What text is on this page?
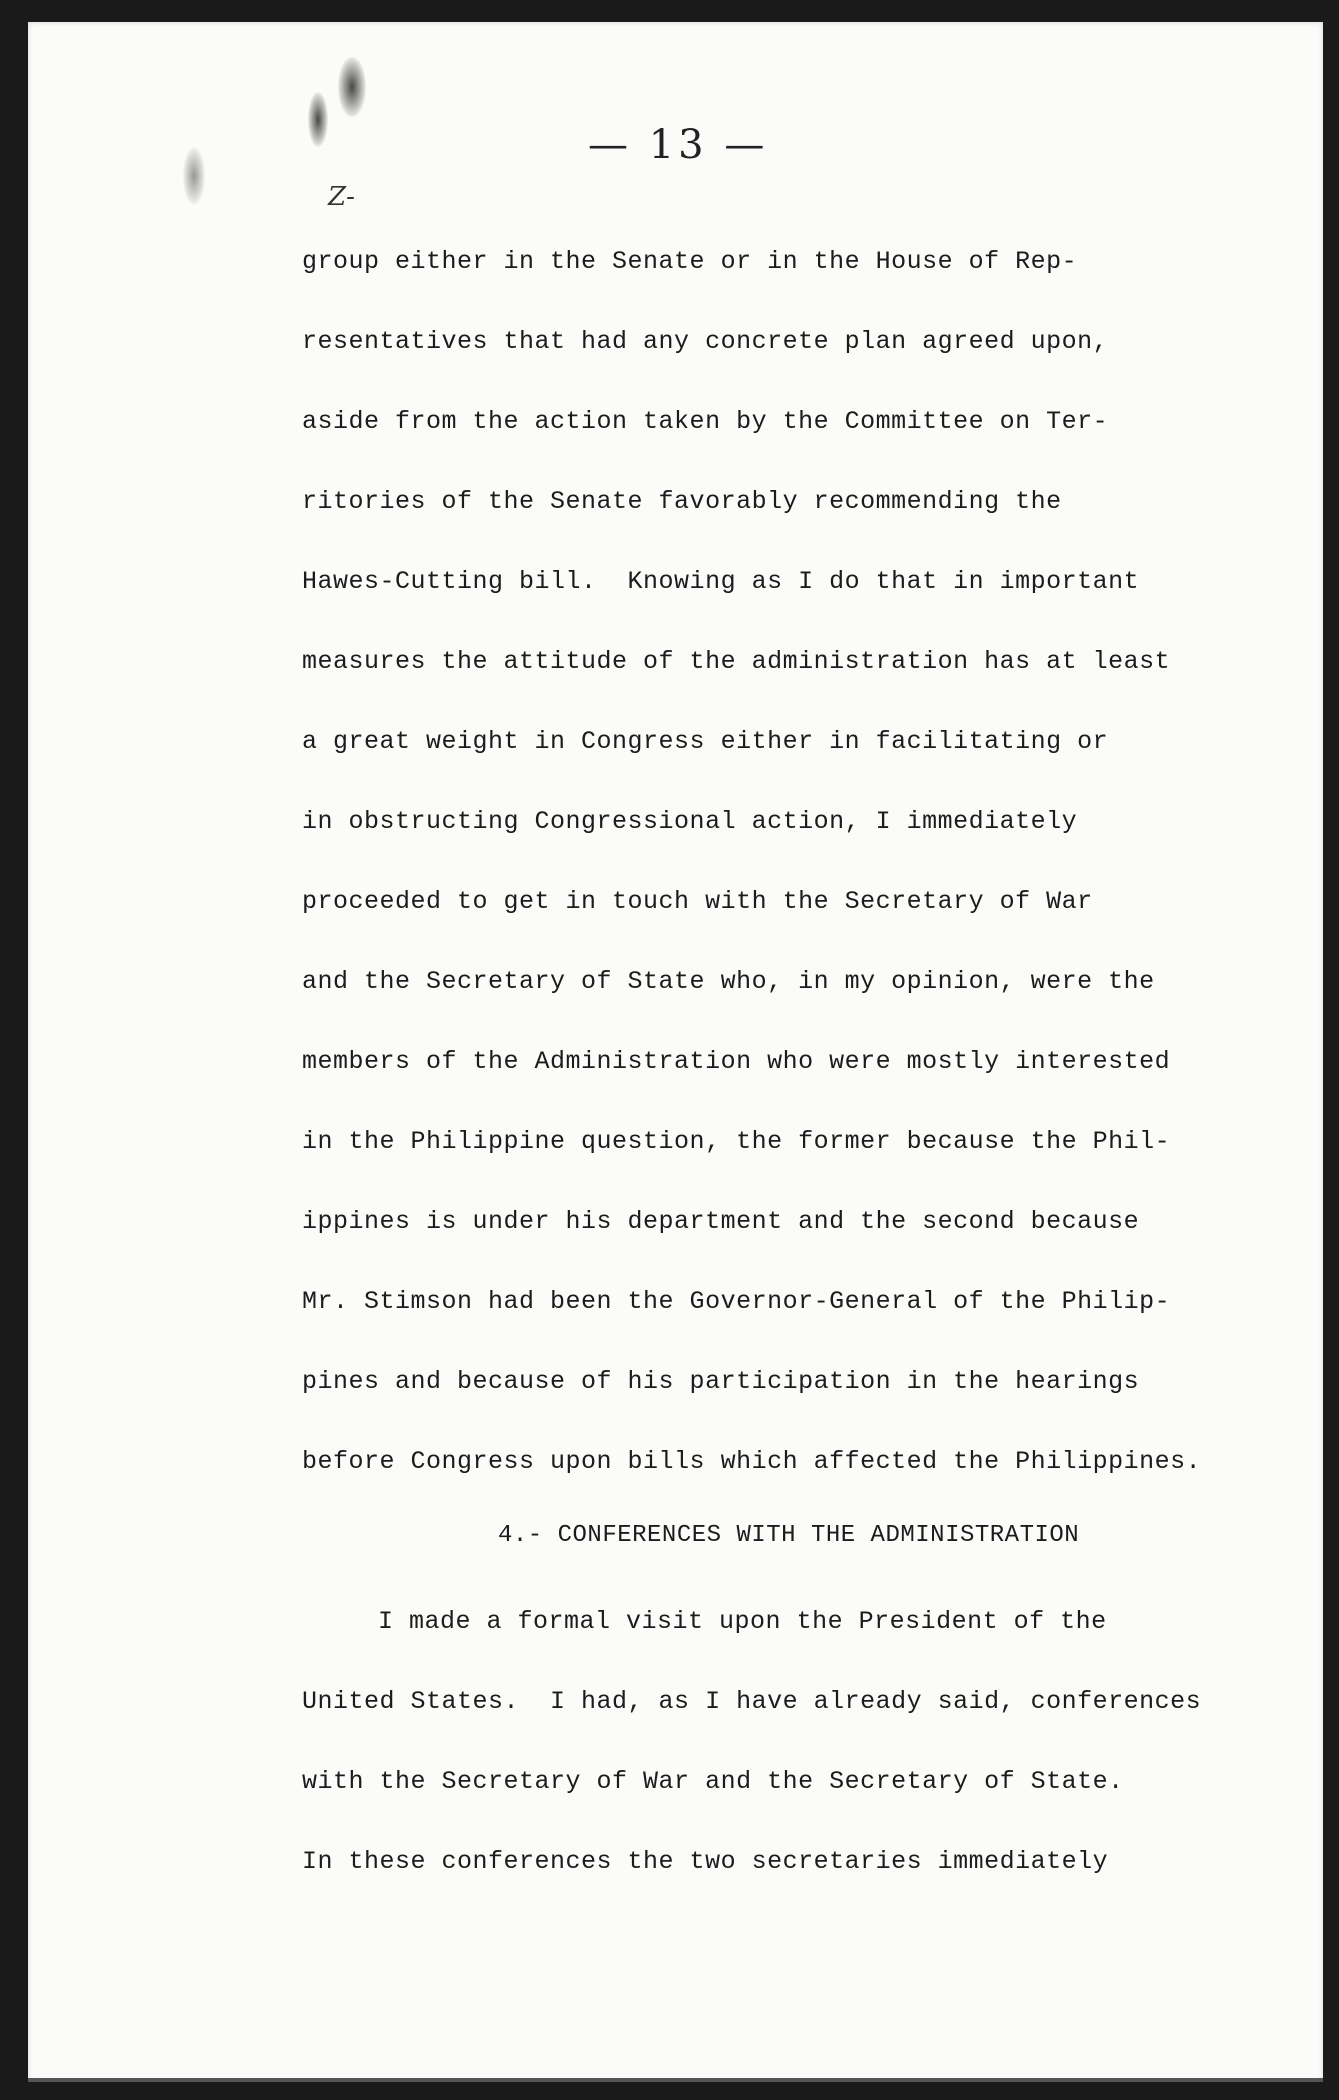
— 13 —
Z-
group either in the Senate or in the House of Rep-
resentatives that had any concrete plan agreed upon,
aside from the action taken by the Committee on Ter-
ritories of the Senate favorably recommending the
Hawes-Cutting bill.  Knowing as I do that in important
measures the attitude of the administration has at least
a great weight in Congress either in facilitating or
in obstructing Congressional action, I immediately
proceeded to get in touch with the Secretary of War
and the Secretary of State who, in my opinion, were the
members of the Administration who were mostly interested
in the Philippine question, the former because the Phil-
ippines is under his department and the second because
Mr. Stimson had been the Governor-General of the Philip-
pines and because of his participation in the hearings
before Congress upon bills which affected the Philippines.
4.- CONFERENCES WITH THE ADMINISTRATION
I made a formal visit upon the President of the
United States.  I had, as I have already said, conferences
with the Secretary of War and the Secretary of State.
In these conferences the two secretaries immediately
